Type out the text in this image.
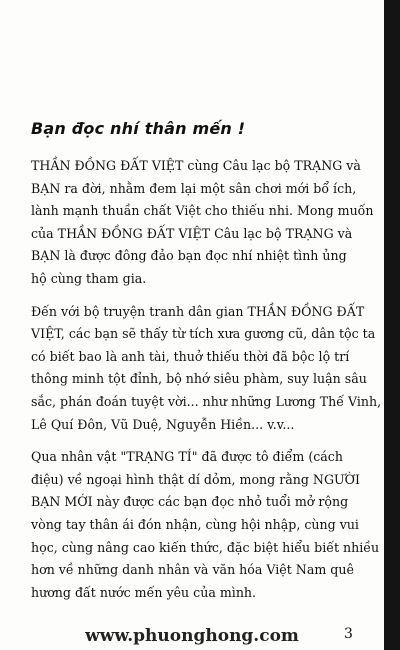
Bạn đọc nhí thân mến !

THẦN ĐỒNG ĐẤT VIỆT cùng Câu lạc bộ TRẠNG và
BẠN ra đời, nhằm đem lại một sân chơi mới bổ ích,
lành mạnh thuần chất Việt cho thiếu nhi. Mong muốn
của THẦN ĐỒNG ĐẤT VIỆT Câu lạc bộ TRẠNG và
BẠN là được đông đảo bạn đọc nhí nhiệt tình ủng
hộ cùng tham gia.

Đến với bộ truyện tranh dân gian THẦN ĐỒNG ĐẤT
VIỆT, các bạn sẽ thấy từ tích xưa gương cũ, dân tộc ta
có biết bao là anh tài, thuở thiếu thời đã bộc lộ trí
thông minh tột đỉnh, bộ nhớ siêu phàm, suy luận sâu
sắc, phán đoán tuyệt vời... như những Lương Thế Vinh,
Lê Quí Đôn, Vũ Duệ, Nguyễn Hiền... v.v...

Qua nhân vật "TRẠNG TÍ" đã được tô điểm (cách
điệu) về ngoại hình thật dí dỏm, mong rằng NGƯỜI
BẠN MỚI này được các bạn đọc nhỏ tuổi mở rộng
vòng tay thân ái đón nhận, cùng hội nhập, cùng vui
học, cùng nâng cao kiến thức, đặc biệt hiểu biết nhiều
hơn về những danh nhân và văn hóa Việt Nam quê
hương đất nước mến yêu của mình.

www.phuonghong.com	3
